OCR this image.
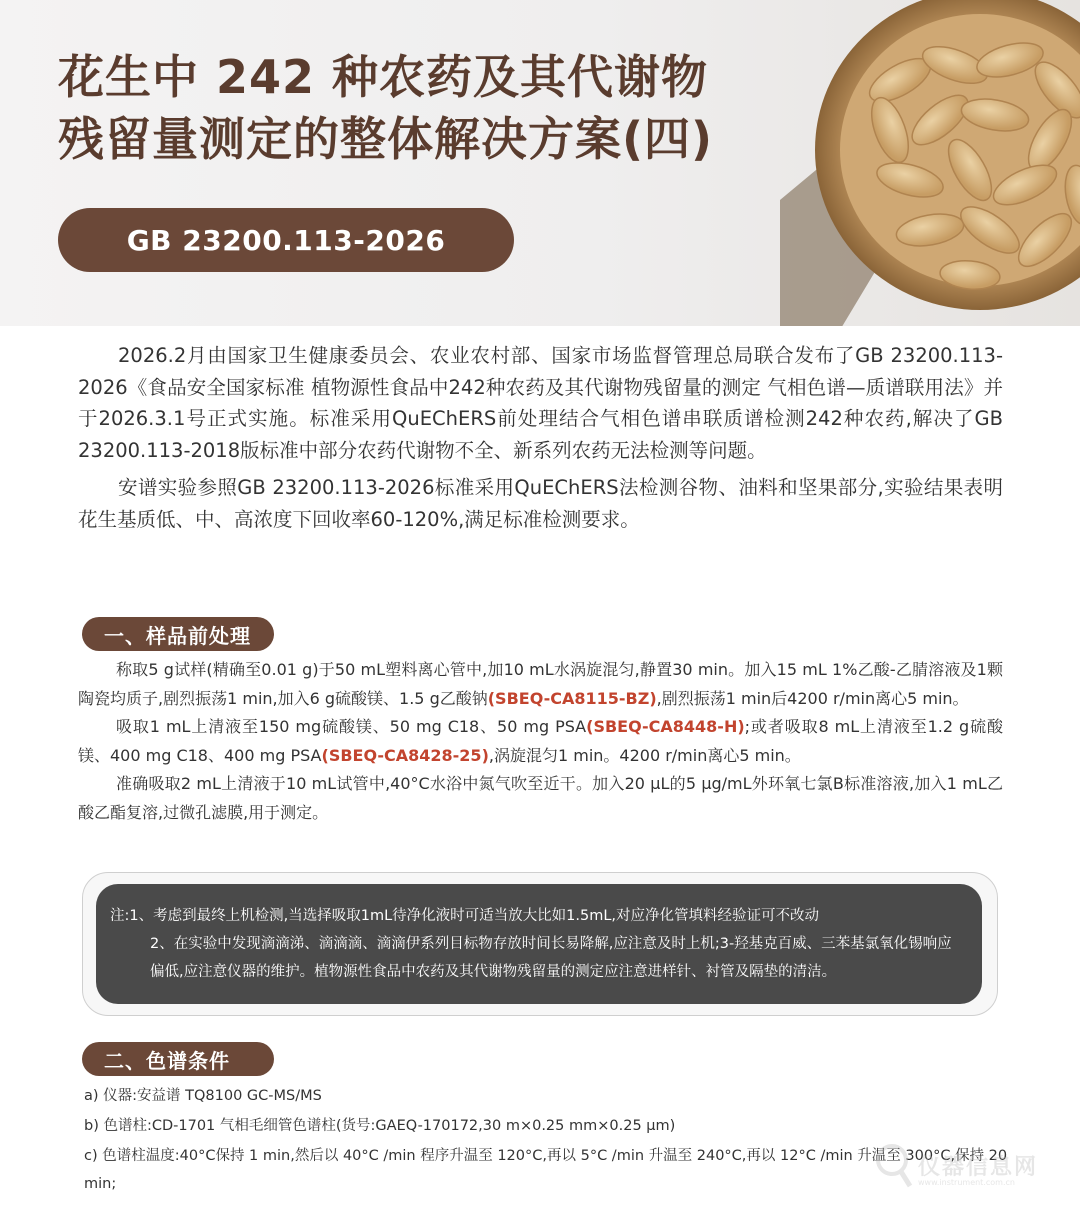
花生中 242 种农药及其代谢物
残留量测定的整体解决方案(四)
GB 23200.113-2026

2026.2月由国家卫生健康委员会、农业农村部、国家市场监督管理总局联合发布了GB 23200.113-2026《食品安全国家标准 植物源性食品中242种农药及其代谢物残留量的测定 气相色谱—质谱联用法》并于2026.3.1号正式实施。标准采用QuEChERS前处理结合气相色谱串联质谱检测242种农药,解决了GB 23200.113-2018版标准中部分农药代谢物不全、新系列农药无法检测等问题。

安谱实验参照GB 23200.113-2026标准采用QuEChERS法检测谷物、油料和坚果部分,实验结果表明花生基质低、中、高浓度下回收率60-120%,满足标准检测要求。

一、样品前处理

称取5 g试样(精确至0.01 g)于50 mL塑料离心管中,加10 mL水涡旋混匀,静置30 min。加入15 mL 1%乙酸-乙腈溶液及1颗陶瓷均质子,剧烈振荡1 min,加入6 g硫酸镁、1.5 g乙酸钠(SBEQ-CA8115-BZ),剧烈振荡1 min后4200 r/min离心5 min。

吸取1 mL上清液至150 mg硫酸镁、50 mg C18、50 mg PSA(SBEQ-CA8448-H);或者吸取8 mL上清液至1.2 g硫酸镁、400 mg C18、400 mg PSA(SBEQ-CA8428-25),涡旋混匀1 min。4200 r/min离心5 min。

准确吸取2 mL上清液于10 mL试管中,40°C水浴中氮气吹至近干。加入20 μL的5 μg/mL外环氧七氯B标准溶液,加入1 mL乙酸乙酯复溶,过微孔滤膜,用于测定。

注:1、考虑到最终上机检测,当选择吸取1mL待净化液时可适当放大比如1.5mL,对应净化管填料经验证可不改动
2、在实验中发现滴滴涕、滴滴滴、滴滴伊系列目标物存放时间长易降解,应注意及时上机;3-羟基克百威、三苯基氯氧化锡响应偏低,应注意仪器的维护。植物源性食品中农药及其代谢物残留量的测定应注意进样针、衬管及隔垫的清洁。
二、色谱条件

a) 仪器:安益谱 TQ8100 GC-MS/MS

b) 色谱柱:CD-1701 气相毛细管色谱柱(货号:GAEQ-170172,30 m×0.25 mm×0.25 μm)

c) 色谱柱温度:40°C保持 1 min,然后以 40°C /min 程序升温至 120°C,再以 5°C /min 升温至 240°C,再以 12°C /min 升温至 300°C,保持 20 min;

仪器信息网
www.instrument.com.cn
